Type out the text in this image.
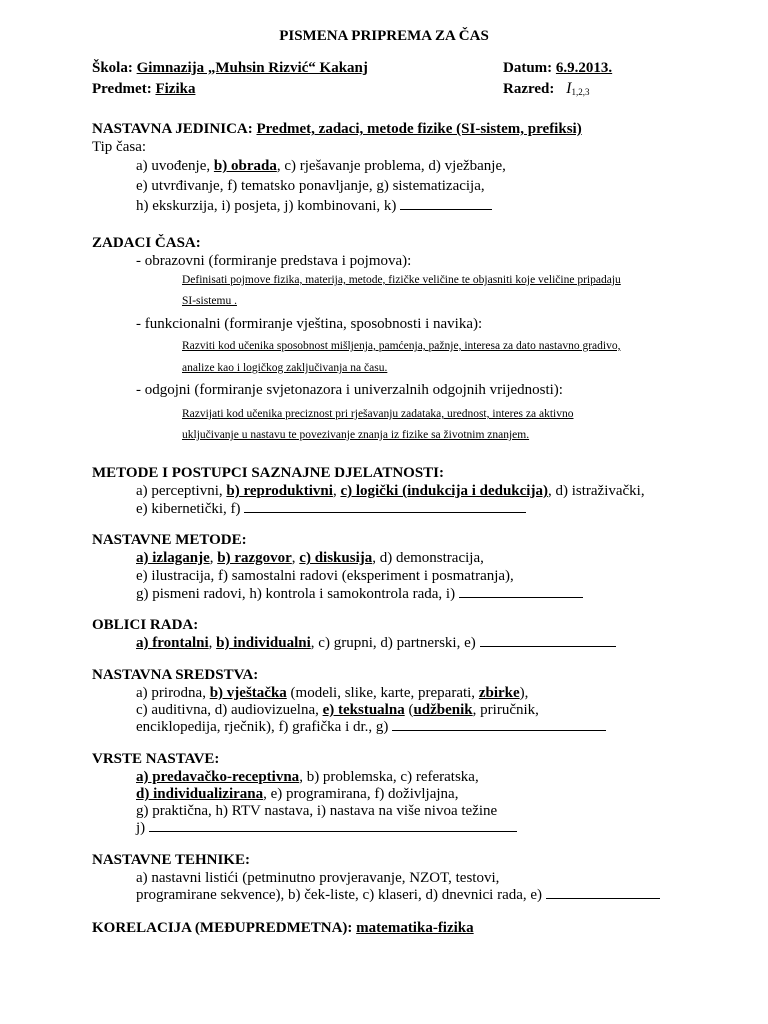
PISMENA PRIPREMA ZA ČAS
Škola: Gimnazija „Muhsin Rizvić“ Kakanj	Datum: 6.9.2013.
Predmet: Fizika	Razred: I1,2,3
NASTAVNA JEDINICA: Predmet, zadaci, metode fizike (SI-sistem, prefiksi)
Tip časa:
a) uvođenje, b) obrada, c) rješavanje problema, d) vježbanje,
e) utvrđivanje, f) tematsko ponavljanje, g) sistematizacija,
h) ekskurzija, i) posjeta, j) kombinovani, k)
ZADACI ČASA:
- obrazovni (formiranje predstava i pojmova):
Definisati pojmove fizika, materija, metode, fizičke veličine te objasniti koje veličine pripadaju
SI-sistemu .
- funkcionalni (formiranje vještina, sposobnosti i navika):
Razviti kod učenika sposobnost mišljenja, pamćenja, pažnje, interesa za dato nastavno gradivo,
analize kao i logičkog zaključivanja na času.
- odgojni (formiranje svjetonazora i univerzalnih odgojnih vrijednosti):
Razvijati kod učenika preciznost pri rješavanju zadataka, urednost, interes za aktivno
uključivanje u nastavu te povezivanje znanja iz fizike sa životnim znanjem.
METODE I POSTUPCI SAZNAJNE DJELATNOSTI:
a) perceptivni, b) reproduktivni, c) logički (indukcija i dedukcija), d) istraživački,
e) kibernetički, f)
NASTAVNE METODE:
a) izlaganje, b) razgovor, c) diskusija, d) demonstracija,
e) ilustracija, f) samostalni radovi (eksperiment i posmatranja),
g) pismeni radovi, h) kontrola i samokontrola rada, i)
OBLICI RADA:
a) frontalni, b) individualni, c) grupni, d) partnerski, e)
NASTAVNA SREDSTVA:
a) prirodna, b) vještačka (modeli, slike, karte, preparati, zbirke),
c) auditivna, d) audiovizuelna, e) tekstualna (udžbenik, priručnik,
enciklopedija, rječnik), f) grafička i dr., g)
VRSTE NASTAVE:
a) predavačko-receptivna, b) problemska, c) referatska,
d) individualizirana, e) programirana, f) doživljajna,
g) praktična, h) RTV nastava, i) nastava na više nivoa težine
j)
NASTAVNE TEHNIKE:
a) nastavni listići (petminutno provjeravanje, NZOT, testovi,
programirane sekvence), b) ček-liste, c) klaseri, d) dnevnici rada, e)
KORELACIJA (MEĐUPREDMETNA): matematika-fizika
